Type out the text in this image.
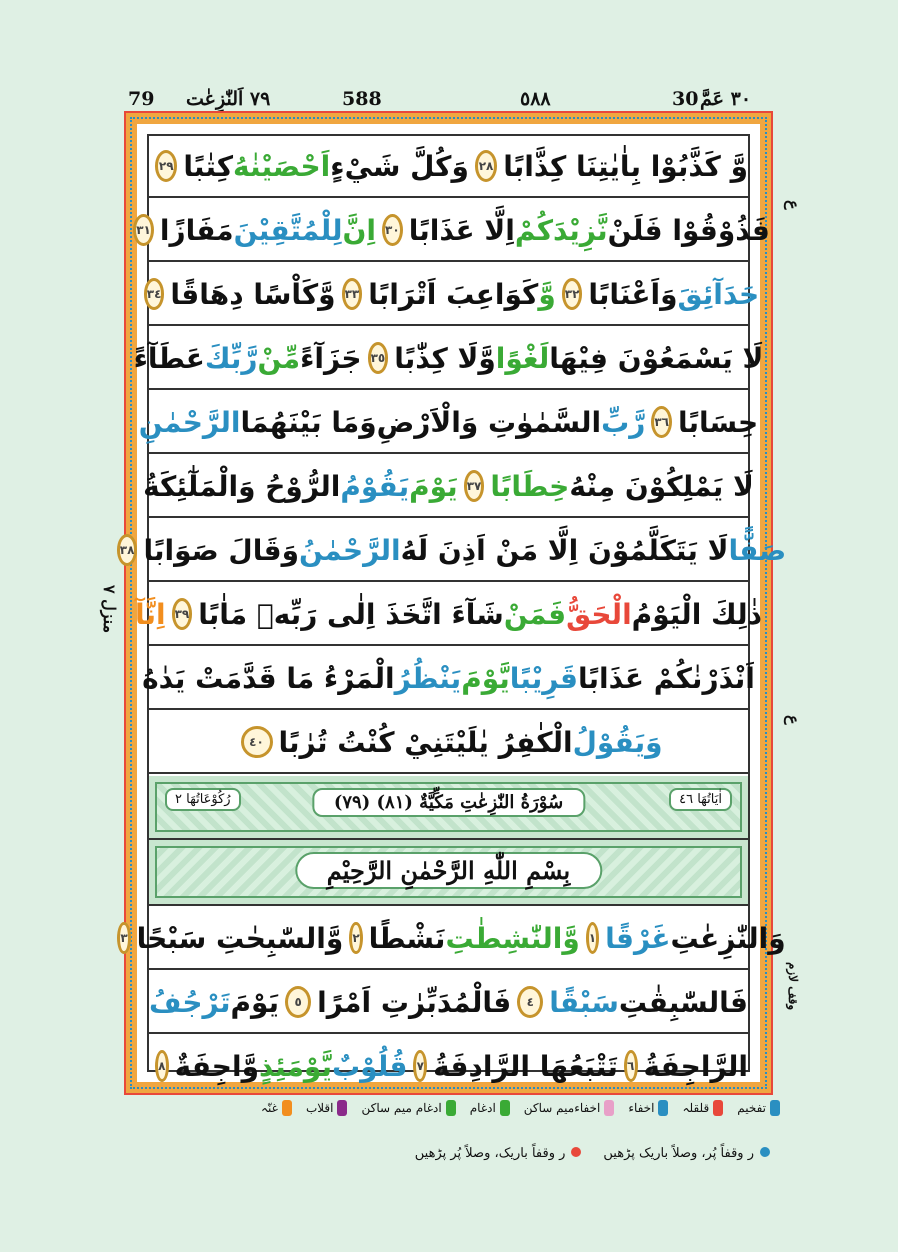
٣٠ عَمَّ
30
٥٨٨
588
٧٩ اَلنّٰزِعٰت
79
ع
منزل ٧
ع
وقف لازم
وَّ كَذَّبُوْا بِاٰيٰتِنَا كِذَّابًا
٢٨
وَكُلَّ شَيْءٍ
اَحْصَيْنٰهُ
كِتٰبًا
٢٩
فَذُوْقُوْا فَلَنْ
نَّزِيْدَكُمْ
اِلَّا عَذَابًا
٣٠
اِنَّ
لِلْمُتَّقِيْنَ
مَفَازًا
٣١
حَدَآئِقَ
وَاَعْنَابًا
٣٢
وَّ
كَوَاعِبَ اَتْرَابًا
٣٣
وَّكَاْسًا دِهَاقًا
٣٤
لَا يَسْمَعُوْنَ فِيْهَا
لَغْوًا
وَّلَا كِذّٰبًا
٣٥
جَزَآءً
مِّنْ
رَّبِّكَ
عَطَآءً
حِسَابًا
٣٦
رَّبِّ
السَّمٰوٰتِ وَالْاَرْضِ
وَمَا بَيْنَهُمَا
الرَّحْمٰنِ
لَا يَمْلِكُوْنَ مِنْهُ
خِطَابًا
٣٧
يَوْمَ
يَقُوْمُ
الرُّوْحُ وَالْمَلٰٓئِكَةُ
صَفًّا
لَا يَتَكَلَّمُوْنَ اِلَّا مَنْ اَذِنَ لَهُ
الرَّحْمٰنُ
وَقَالَ صَوَابًا
٣٨
ذٰلِكَ الْيَوْمُ
الْحَقُّ
فَمَنْ
شَآءَ اتَّخَذَ اِلٰى رَبِّهٖ مَاٰبًا
٣٩
اِنَّآ
اَنْذَرْنٰكُمْ عَذَابًا
قَرِيْبًا
يَّوْمَ
يَنْظُرُ
الْمَرْءُ مَا قَدَّمَتْ يَدٰهُ
وَيَقُوْلُ
الْكٰفِرُ يٰلَيْتَنِيْ كُنْتُ تُرٰبًا
٤٠
رُكُوْعَاتُهَا ٢	(٧٩) سُوْرَةُ النّٰزِعٰتِ مَكِّيَّةٌ (٨١)	اٰيَاتُهَا ٤٦
بِسْمِ اللّٰهِ الرَّحْمٰنِ الرَّحِيْمِ
وَالنّٰزِعٰتِ
غَرْقًا
١
وَّالنّٰشِطٰتِ
نَشْطًا
٢
وَّالسّٰبِحٰتِ سَبْحًا
٣
فَالسّٰبِقٰتِ
سَبْقًا
٤
فَالْمُدَبِّرٰتِ اَمْرًا
٥
يَوْمَ
تَرْجُفُ
الرَّاجِفَةُ
٦
تَتْبَعُهَا الرَّادِفَةُ
٧
قُلُوْبٌ
يَّوْمَئِذٍ
وَّاجِفَةٌ
٨
تفخیم
قلقلہ
اخفاء
اخفاءمیم ساکن
ادغام
ادغام میم ساکن
اقلاب
غنّہ
ر وقفاً پُر، وصلاً باریک پڑھیں
ر وقفاً باریک، وصلاً پُر پڑھیں
